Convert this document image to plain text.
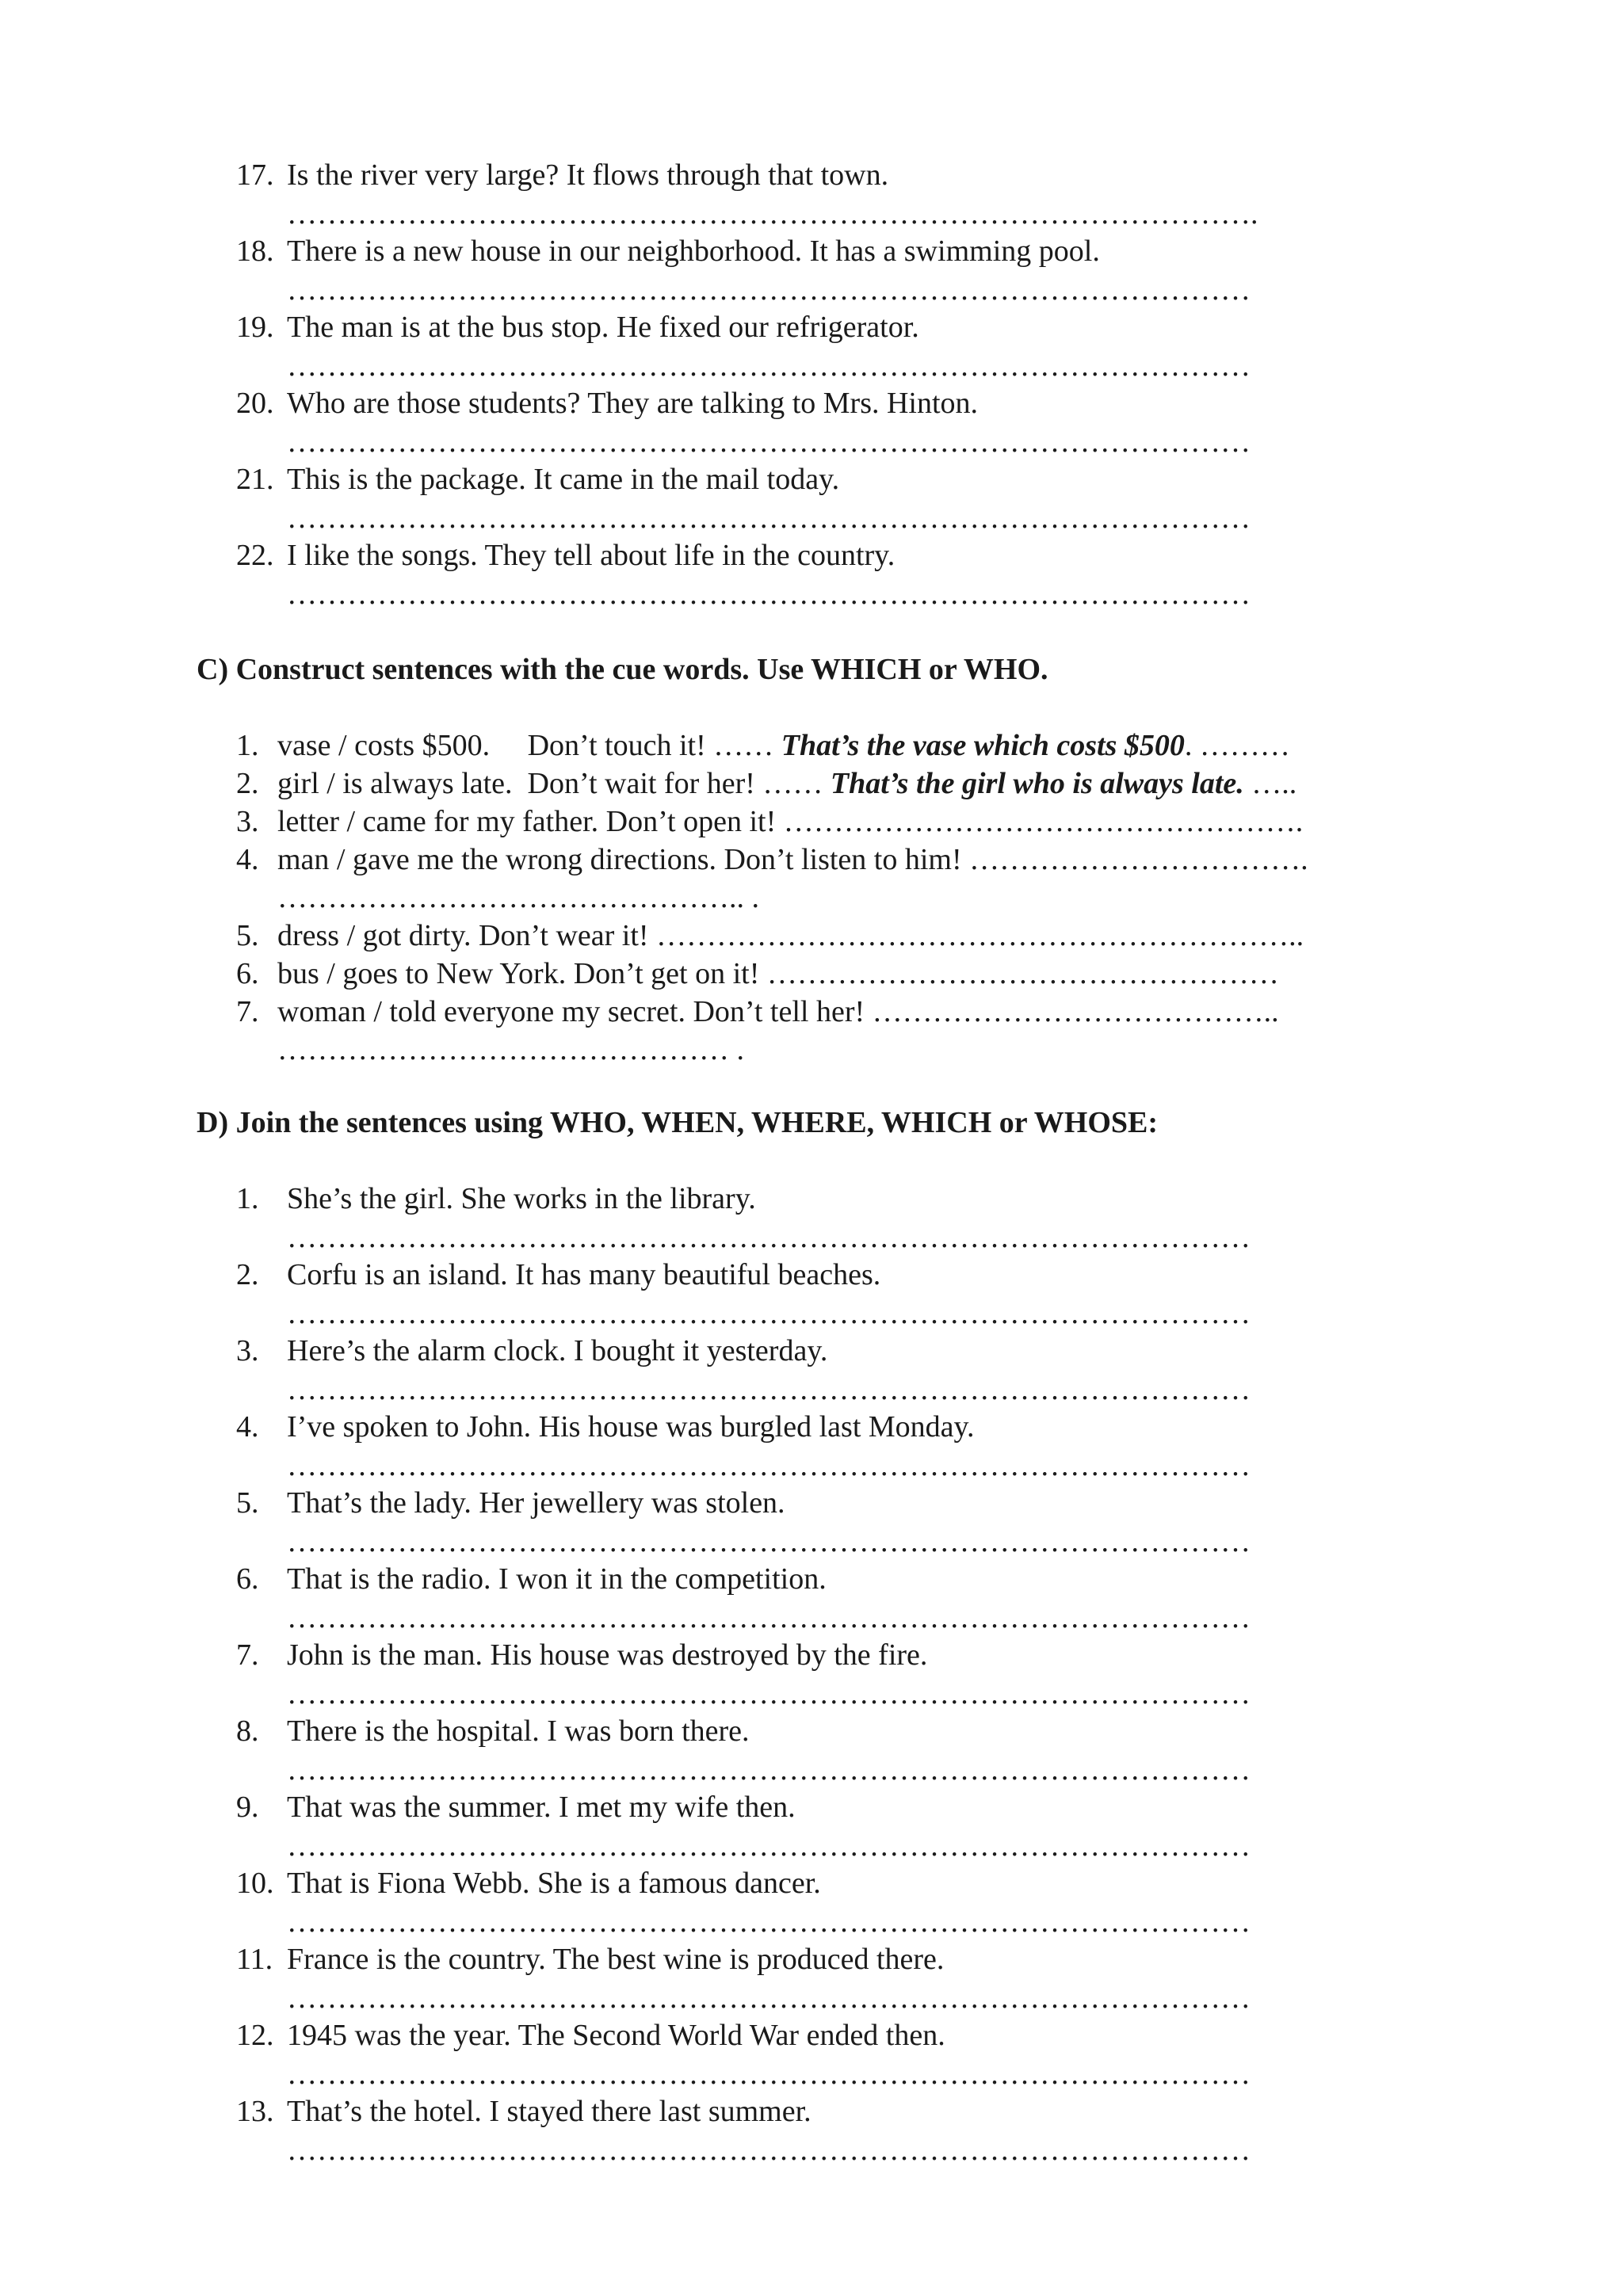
17. Is the river very large? It flows through that town.
…………………………………………………………………………………….
18. There is a new house in our neighborhood. It has a swimming pool.
……………………………………………………………………………………
19. The man is at the bus stop. He fixed our refrigerator.
……………………………………………………………………………………
20. Who are those students? They are talking to Mrs. Hinton.
……………………………………………………………………………………
21. This is the package. It came in the mail today.
……………………………………………………………………………………
22. I like the songs. They tell about life in the country.
……………………………………………………………………………………
C) Construct sentences with the cue words. Use WHICH or WHO.
1. vase / costs $500.     Don’t touch it! …… That’s the vase which costs $500. ………
2. girl / is always late.  Don’t wait for her! …… That’s the girl who is always late. …..
3. letter / came for my father. Don’t open it! …………………………………………….
4. man / gave me the wrong directions. Don’t listen to him! …………………………….
……………………………………….. .
5. dress / got dirty. Don’t wear it! ………………………………………………………..
6. bus / goes to New York. Don’t get on it! ……………………………………………
7. woman / told everyone my secret. Don’t tell her! …………………………………..
……………………………………… .
D) Join the sentences using WHO, WHEN, WHERE, WHICH or WHOSE:
1. She’s the girl. She works in the library.
……………………………………………………………………………………
2. Corfu is an island. It has many beautiful beaches.
……………………………………………………………………………………
3. Here’s the alarm clock. I bought it yesterday.
……………………………………………………………………………………
4. I’ve spoken to John. His house was burgled last Monday.
……………………………………………………………………………………
5. That’s the lady. Her jewellery was stolen.
……………………………………………………………………………………
6. That is the radio. I won it in the competition.
……………………………………………………………………………………
7. John is the man. His house was destroyed by the fire.
……………………………………………………………………………………
8. There is the hospital. I was born there.
……………………………………………………………………………………
9. That was the summer. I met my wife then.
……………………………………………………………………………………
10. That is Fiona Webb. She is a famous dancer.
……………………………………………………………………………………
11. France is the country. The best wine is produced there.
……………………………………………………………………………………
12. 1945 was the year. The Second World War ended then.
……………………………………………………………………………………
13. That’s the hotel. I stayed there last summer.
……………………………………………………………………………………
